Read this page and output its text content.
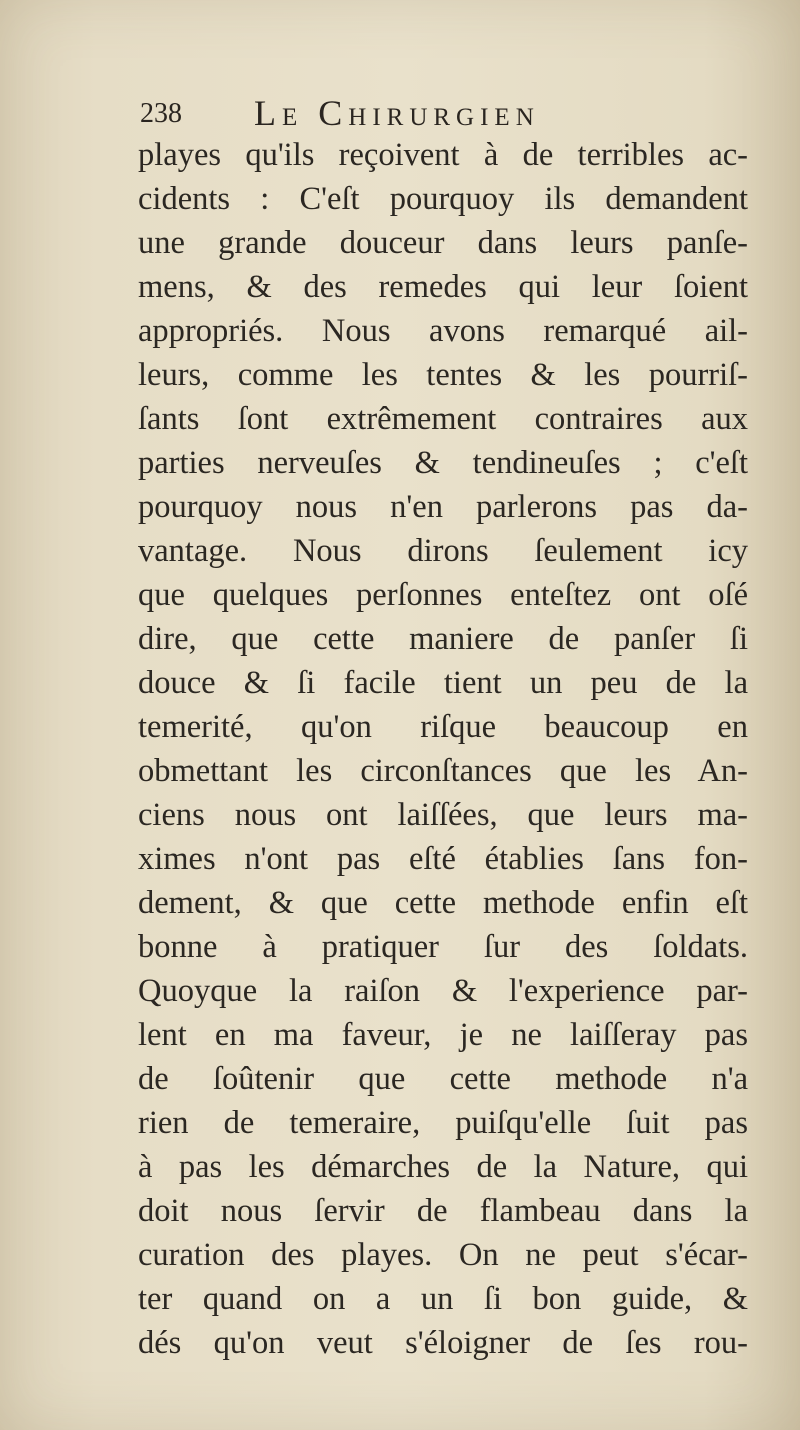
238 Le Chirurgien
playes qu'ils reçoivent à de terribles ac-
cidents : C'eſt pourquoy ils demandent
une grande douceur dans leurs panſe-
mens, & des remedes qui leur ſoient
appropriés. Nous avons remarqué ail-
leurs, comme les tentes & les pourriſ-
ſants ſont extrêmement contraires aux
parties nerveuſes & tendineuſes ; c'eſt
pourquoy nous n'en parlerons pas da-
vantage. Nous dirons ſeulement icy
que quelques perſonnes enteſtez ont oſé
dire, que cette maniere de panſer ſi
douce & ſi facile tient un peu de la
temerité, qu'on riſque beaucoup en
obmettant les circonſtances que les An-
ciens nous ont laiſſées, que leurs ma-
ximes n'ont pas eſté établies ſans fon-
dement, & que cette methode enfin eſt
bonne à pratiquer ſur des ſoldats.
Quoyque la raiſon & l'experience par-
lent en ma faveur, je ne laiſſeray pas
de ſoûtenir que cette methode n'a
rien de temeraire, puiſqu'elle ſuit pas
à pas les démarches de la Nature, qui
doit nous ſervir de flambeau dans la
curation des playes. On ne peut s'écar-
ter quand on a un ſi bon guide, &
dés qu'on veut s'éloigner de ſes rou-
